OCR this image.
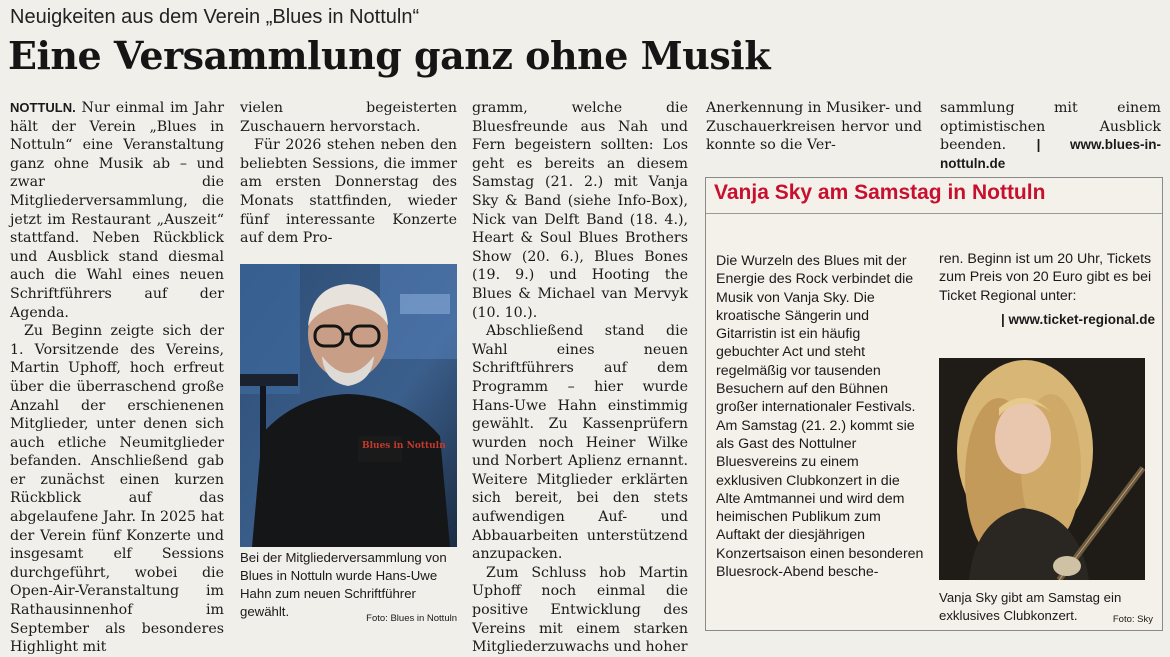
Neuigkeiten aus dem Verein „Blues in Nottuln“
Eine Versammlung ganz ohne Musik

NOTTULN. Nur einmal im Jahr hält der Verein „Blues in Nottuln“ eine Veranstaltung ganz ohne Musik ab – und zwar die Mitgliederversammlung, die jetzt im Restaurant „Auszeit“ stattfand. Neben Rückblick und Ausblick stand diesmal auch die Wahl eines neuen Schriftführers auf der Agenda.

Zu Beginn zeigte sich der 1. Vorsitzende des Vereins, Martin Uphoff, hoch erfreut über die überraschend große Anzahl der erschienenen Mitglieder, unter denen sich auch etliche Neumitglieder befanden. Anschließend gab er zunächst einen kurzen Rückblick auf das abgelaufene Jahr. In 2025 hat der Verein fünf Konzerte und insgesamt elf Sessions durchgeführt, wobei die Open-Air-Veranstaltung im Rathausinnenhof im September als besonderes Highlight mit

vielen begeisterten Zuschauern hervorstach.

Für 2026 stehen neben den beliebten Sessions, die immer am ersten Donnerstag des Monats stattfinden, wieder fünf interessante Konzerte auf dem Pro-

Blues in Nottuln
Bei der Mitgliederversammlung von Blues in Nottuln wurde Hans-Uwe Hahn zum neuen Schriftführer gewählt.	Foto: Blues in Nottuln

gramm, welche die Bluesfreunde aus Nah und Fern begeistern sollten: Los geht es bereits an diesem Samstag (21. 2.) mit Vanja Sky & Band (siehe Info-Box), Nick van Delft Band (18. 4.), Heart & Soul Blues Brothers Show (20. 6.), Blues Bones (19. 9.) und Hooting the Blues & Michael van Mervyk (10. 10.).

Abschließend stand die Wahl eines neuen Schriftführers auf dem Programm – hier wurde Hans-Uwe Hahn einstimmig gewählt. Zu Kassenprüfern wurden noch Heiner Wilke und Norbert Aplienz ernannt. Weitere Mitglieder erklärten sich bereit, bei den stets aufwendigen Auf- und Abbauarbeiten unterstützend anzupacken.

Zum Schluss hob Martin Uphoff noch einmal die positive Entwicklung des Vereins mit einem starken Mitgliederzuwachs und hoher

Anerkennung in Musiker- und Zuschauerkreisen hervor und konnte so die Ver-

sammlung mit einem optimistischen Ausblick beenden. | www.blues-in-nottuln.de

Vanja Sky am Samstag in Nottuln

Die Wurzeln des Blues mit der Energie des Rock verbindet die Musik von Vanja Sky. Die kroatische Sängerin und Gitarristin ist ein häufig gebuchter Act und steht regelmäßig vor tausenden Besuchern auf den Bühnen großer internationaler Festivals. Am Samstag (21. 2.) kommt sie als Gast des Nottulner Bluesvereins zu einem exklusiven Clubkonzert in die Alte Amtmannei und wird dem heimischen Publikum zum Auftakt der diesjährigen Konzertsaison einen besonderen Bluesrock-Abend besche-

ren. Beginn ist um 20 Uhr, Tickets zum Preis von 20 Euro gibt es bei Ticket Regional unter:

| www.ticket-regional.de

Vanja Sky gibt am Samstag ein exklusives Clubkonzert.	Foto: Sky
